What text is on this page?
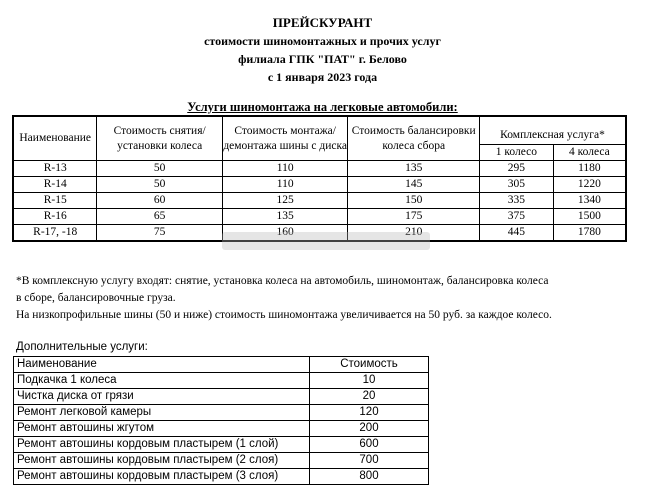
ПРЕЙСКУРАНТ
стоимости шиномонтажных и прочих услуг
филиала ГПК "ПАТ" г. Белово
с 1 января 2023 года
Услуги шиномонтажа на легковые автомобили:
Наименование	Стоимость снятия/установки колеса	Стоимость монтажа/демонтажа шины с диска	Стоимость балансировки колеса сбора	Комплексная услуга*	
				1 колесо	4 колеса
R-13	50	110	135	295	1180
R-14	50	110	145	305	1220
R-15	60	125	150	335	1340
R-16	65	135	175	375	1500
R-17, -18	75	160	210	445	1780
*В комплексную услугу входят: снятие, установка колеса на автомобиль, шиномонтаж, балансировка колеса
в сборе, балансировочные груза.
На низкопрофильные шины (50 и ниже) стоимость шиномонтажа увеличивается на 50 руб. за каждое колесо.
Дополнительные услуги:
Наименование	Стоимость
Подкачка 1 колеса	10
Чистка диска от грязи	20
Ремонт легковой камеры	120
Ремонт автошины жгутом	200
Ремонт автошины кордовым пластырем (1 слой)	600
Ремонт автошины кордовым пластырем (2 слоя)	700
Ремонт автошины кордовым пластырем (3 слоя)	800
